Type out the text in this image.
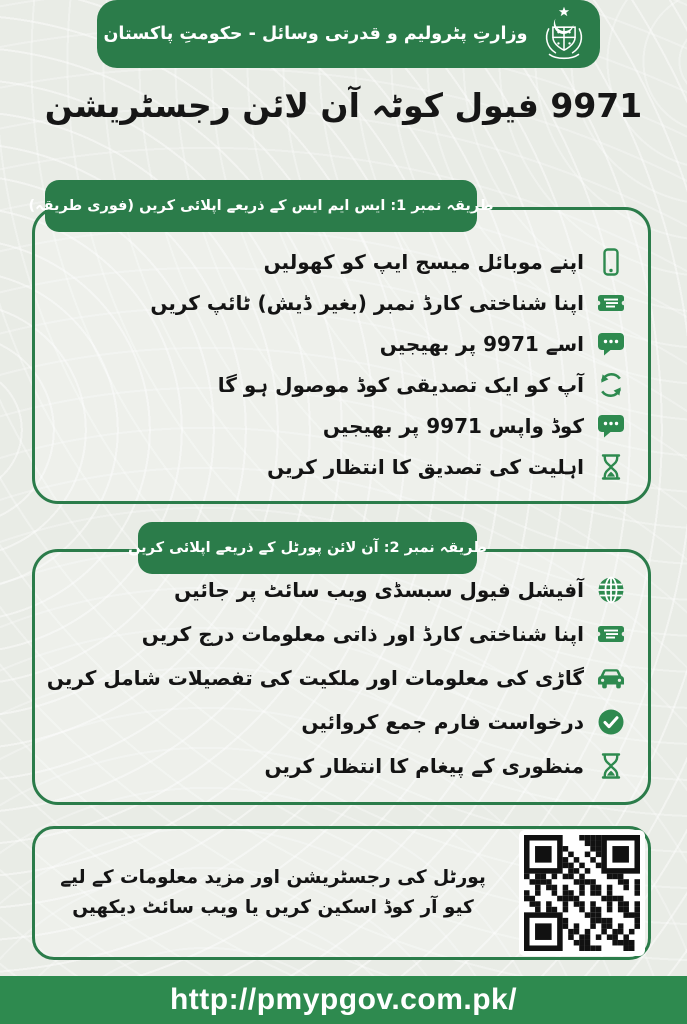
وزارتِ پٹرولیم و قدرتی وسائل - حکومتِ پاکستان
9971 فیول کوٹہ آن لائن رجسٹریشن
طریقہ نمبر 1: ایس ایم ایس کے ذریعے اپلائی کریں (فوری طریقہ)
اپنے موبائل میسج ایپ کو کھولیں
اپنا شناختی کارڈ نمبر (بغیر ڈیش) ٹائپ کریں
اسے 9971 پر بھیجیں
آپ کو ایک تصدیقی کوڈ موصول ہو گا
کوڈ واپس 9971 پر بھیجیں
اہلیت کی تصدیق کا انتظار کریں
طریقہ نمبر 2: آن لائن پورٹل کے ذریعے اپلائی کریں
آفیشل فیول سبسڈی ویب سائٹ پر جائیں
اپنا شناختی کارڈ اور ذاتی معلومات درج کریں
گاڑی کی معلومات اور ملکیت کی تفصیلات شامل کریں
درخواست فارم جمع کروائیں
منظوری کے پیغام کا انتظار کریں
پورٹل کی رجسٹریشن اور مزید معلومات کے لیے
کیو آر کوڈ اسکین کریں یا ویب سائٹ دیکھیں
http://pmypgov.com.pk/
